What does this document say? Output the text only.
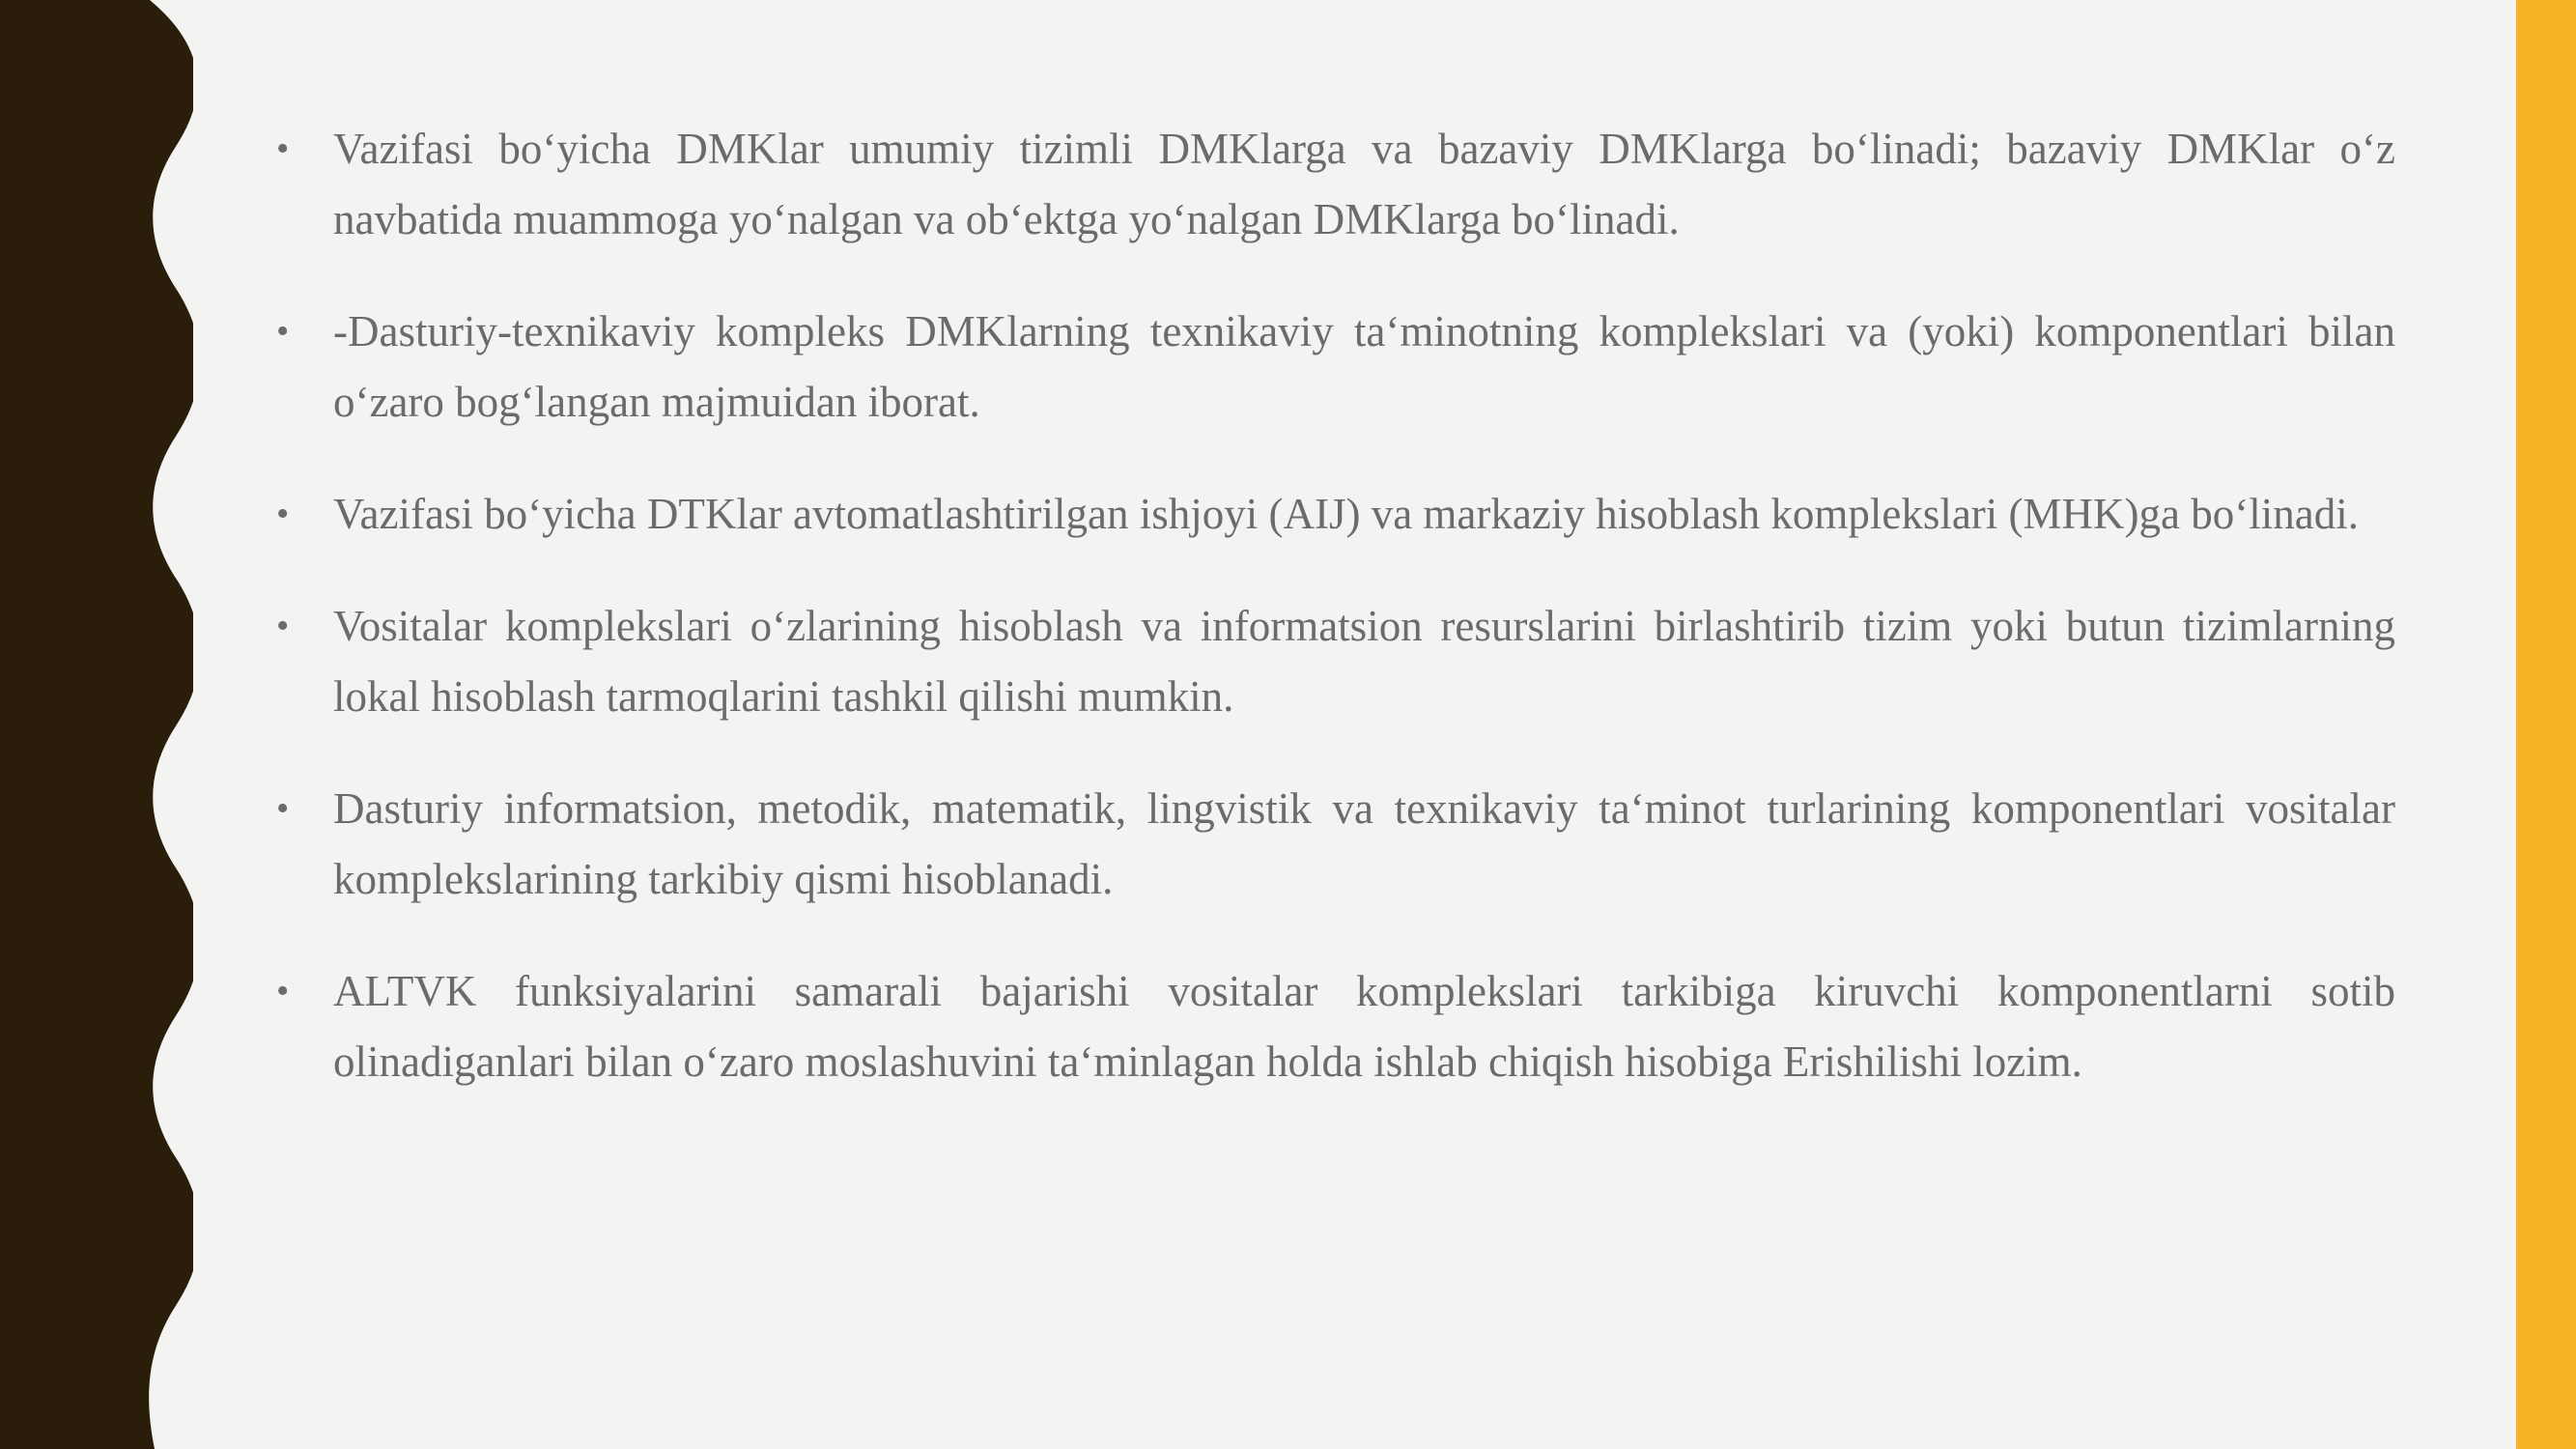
• Vazifasi bo‘yicha DMKlar umumiy tizimli DMKlarga va bazaviy DMKlarga bo‘linadi; bazaviy DMKlar o‘z navbatida muammoga yo‘nalgan va ob‘ektga yo‘nalgan DMKlarga bo‘linadi.
• -Dasturiy-texnikaviy kompleks DMKlarning texnikaviy ta‘minotning komplekslari va (yoki) komponentlari bilan o‘zaro bog‘langan majmuidan iborat.
• Vazifasi bo‘yicha DTKlar avtomatlashtirilgan ishjoyi (AIJ) va markaziy hisoblash komplekslari (MHK)ga bo‘linadi.
• Vositalar komplekslari o‘zlarining hisoblash va informatsion resurslarini birlashtirib tizim yoki butun tizimlarning lokal hisoblash tarmoqlarini tashkil qilishi mumkin.
• Dasturiy informatsion, metodik, matematik, lingvistik va texnikaviy ta‘minot turlarining komponentlari vositalar komplekslarining tarkibiy qismi hisoblanadi.
• ALTVK funksiyalarini samarali bajarishi vositalar komplekslari tarkibiga kiruvchi komponentlarni sotib olinadiganlari bilan o‘zaro moslashuvini ta‘minlagan holda ishlab chiqish hisobiga Erishilishi lozim.
